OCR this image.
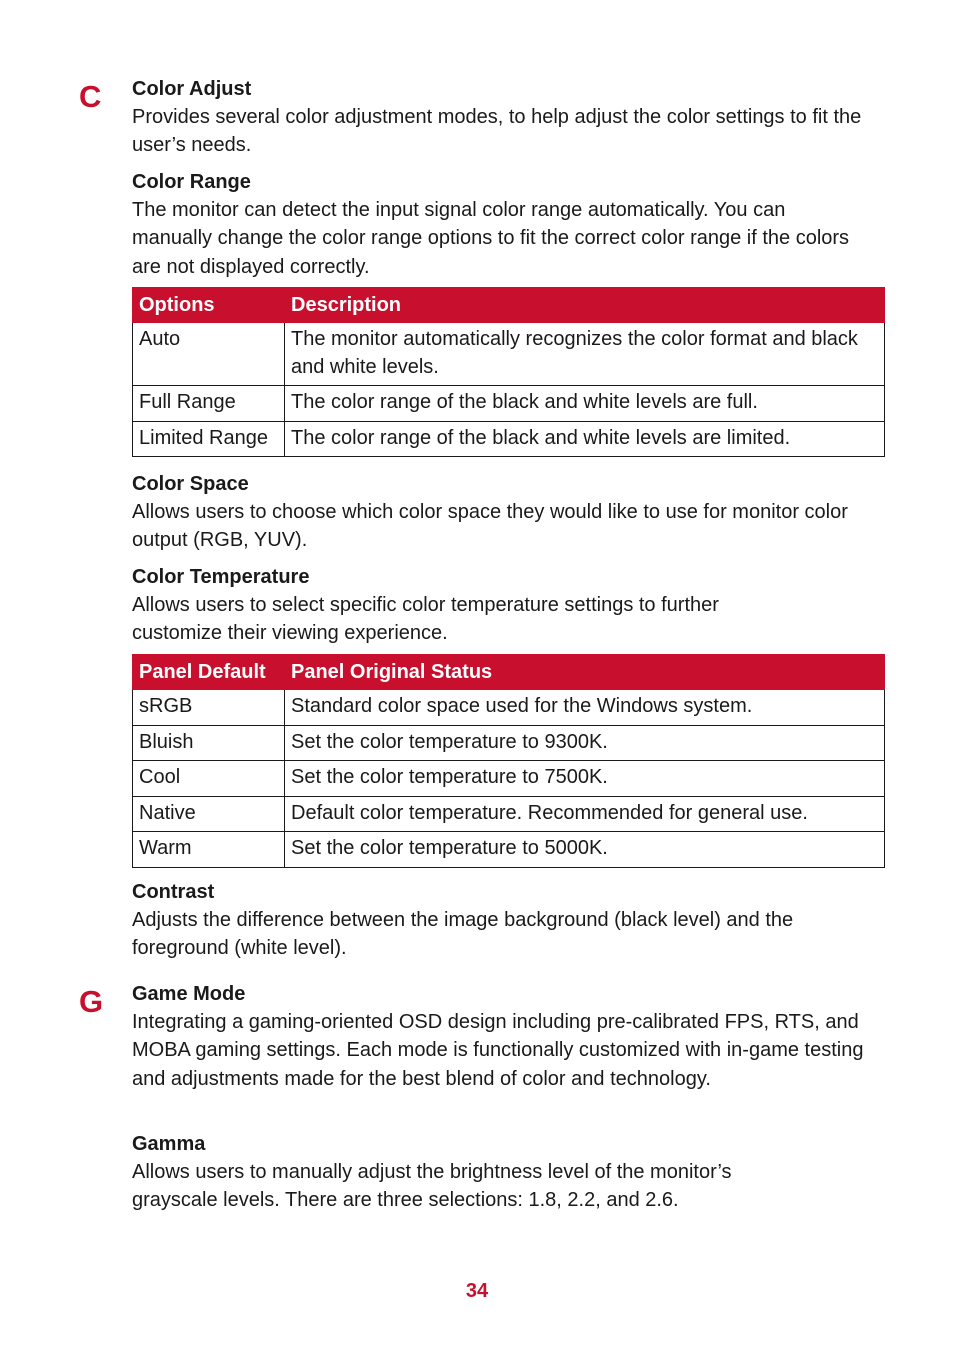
C Color Adjust

Provides several color adjustment modes, to help adjust the color settings to fit the user’s needs.

Color Range

The monitor can detect the input signal color range automatically. You can manually change the color range options to fit the correct color range if the colors are not displayed correctly.

Options	Description
Auto	The monitor automatically recognizes the color format and black and white levels.
Full Range	The color range of the black and white levels are full.
Limited Range	The color range of the black and white levels are limited.

Color Space

Allows users to choose which color space they would like to use for monitor color output (RGB, YUV).

Color Temperature

Allows users to select specific color temperature settings to further customize their viewing experience.

Panel Default	Panel Original Status
sRGB	Standard color space used for the Windows system.
Bluish	Set the color temperature to 9300K.
Cool	Set the color temperature to 7500K.
Native	Default color temperature. Recommended for general use.
Warm	Set the color temperature to 5000K.

Contrast

Adjusts the difference between the image background (black level) and the foreground (white level).

G Game Mode

Integrating a gaming-oriented OSD design including pre-calibrated FPS, RTS, and MOBA gaming settings. Each mode is functionally customized with in-game testing and adjustments made for the best blend of color and technology.

Gamma

Allows users to manually adjust the brightness level of the monitor’s grayscale levels. There are three selections: 1.8, 2.2, and 2.6.

34
